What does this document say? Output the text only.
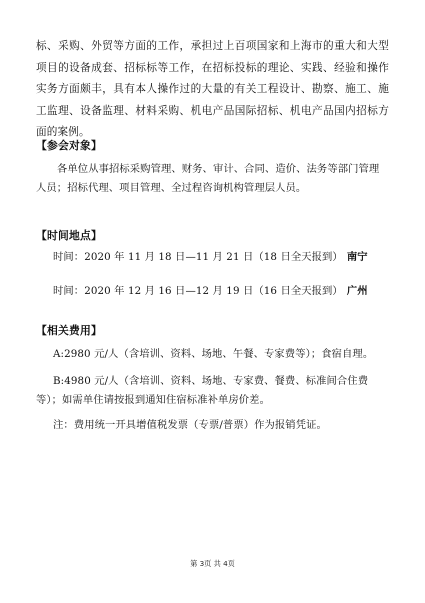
标、采购、外贸等方面的工作，承担过上百项国家和上海市的重大和大型项目的设备成套、招标标等工作，在招标投标的理论、实践、经验和操作实务方面颇丰，具有本人操作过的大量的有关工程设计、勘察、施工、施工监理、设备监理、材料采购、机电产品国际招标、机电产品国内招标方面的案例。
【参会对象】
各单位从事招标采购管理、财务、审计、合同、造价、法务等部门管理人员；招标代理、项目管理、全过程咨询机构管理层人员。
【时间地点】
时间：2020 年 11 月 18 日—11 月 21 日（18 日全天报到） 南宁
时间：2020 年 12 月 16 日—12 月 19 日（16 日全天报到） 广州
【相关费用】
A:2980 元/人（含培训、资料、场地、午餐、专家费等）；食宿自理。
B:4980 元/人（含培训、资料、场地、专家费、餐费、标准间合住费等）；如需单住请按报到通知住宿标准补单房价差。
注：费用统一开具增值税发票（专票/普票）作为报销凭证。
第 3页 共 4页
